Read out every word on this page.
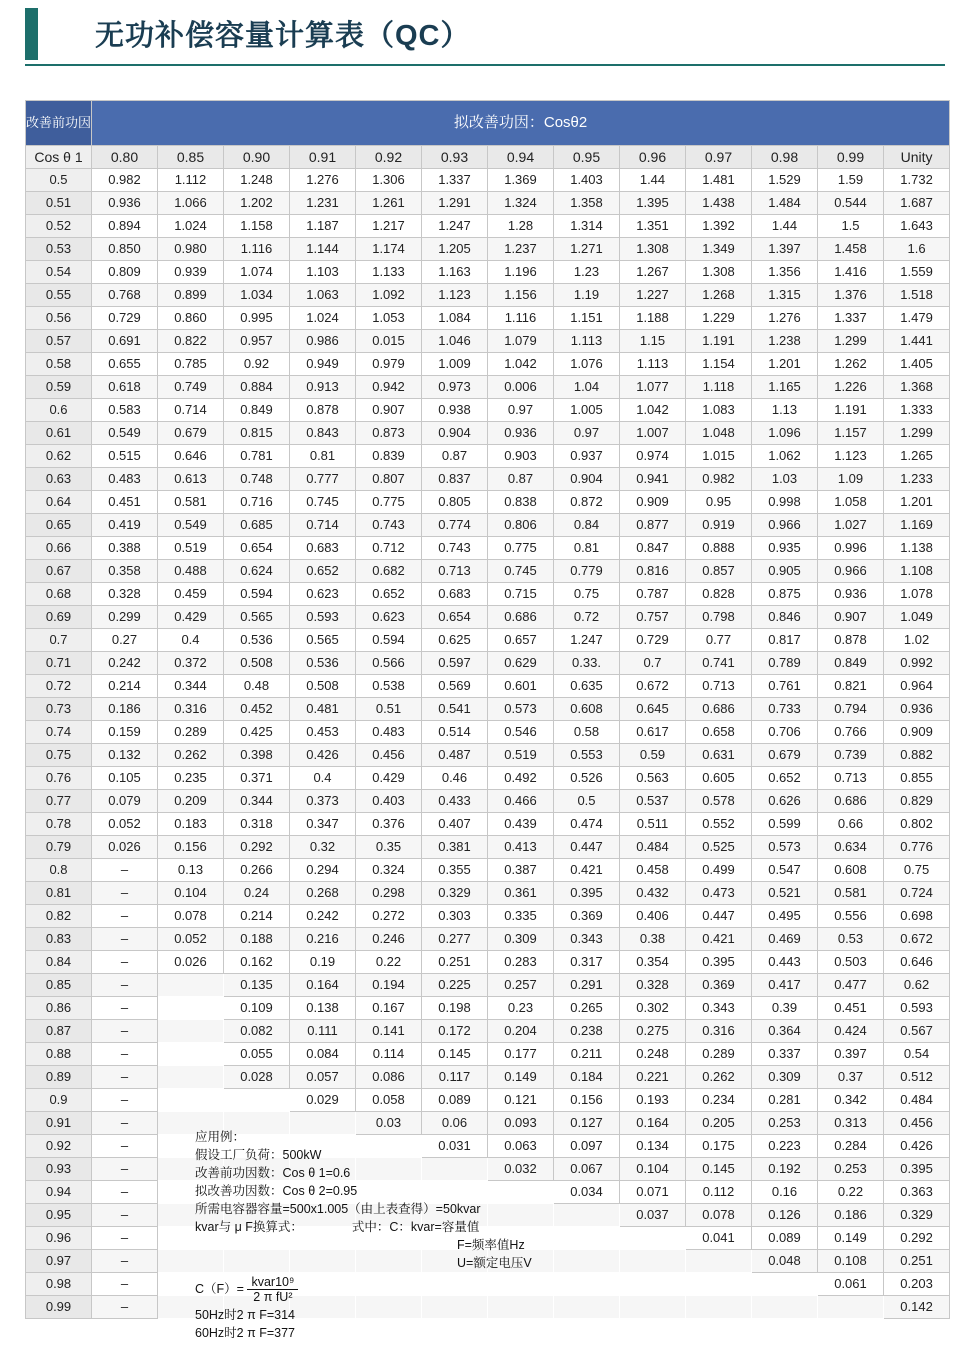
无功补偿容量计算表（QC）
改善前功因	拟改善功因：Cosθ2												
Cos θ 1	0.80	0.85	0.90	0.91	0.92	0.93	0.94	0.95	0.96	0.97	0.98	0.99	Unity
0.5	0.982	1.112	1.248	1.276	1.306	1.337	1.369	1.403	1.44	1.481	1.529	1.59	1.732
0.51	0.936	1.066	1.202	1.231	1.261	1.291	1.324	1.358	1.395	1.438	1.484	0.544	1.687
0.52	0.894	1.024	1.158	1.187	1.217	1.247	1.28	1.314	1.351	1.392	1.44	1.5	1.643
0.53	0.850	0.980	1.116	1.144	1.174	1.205	1.237	1.271	1.308	1.349	1.397	1.458	1.6
0.54	0.809	0.939	1.074	1.103	1.133	1.163	1.196	1.23	1.267	1.308	1.356	1.416	1.559
0.55	0.768	0.899	1.034	1.063	1.092	1.123	1.156	1.19	1.227	1.268	1.315	1.376	1.518
0.56	0.729	0.860	0.995	1.024	1.053	1.084	1.116	1.151	1.188	1.229	1.276	1.337	1.479
0.57	0.691	0.822	0.957	0.986	0.015	1.046	1.079	1.113	1.15	1.191	1.238	1.299	1.441
0.58	0.655	0.785	0.92	0.949	0.979	1.009	1.042	1.076	1.113	1.154	1.201	1.262	1.405
0.59	0.618	0.749	0.884	0.913	0.942	0.973	0.006	1.04	1.077	1.118	1.165	1.226	1.368
0.6	0.583	0.714	0.849	0.878	0.907	0.938	0.97	1.005	1.042	1.083	1.13	1.191	1.333
0.61	0.549	0.679	0.815	0.843	0.873	0.904	0.936	0.97	1.007	1.048	1.096	1.157	1.299
0.62	0.515	0.646	0.781	0.81	0.839	0.87	0.903	0.937	0.974	1.015	1.062	1.123	1.265
0.63	0.483	0.613	0.748	0.777	0.807	0.837	0.87	0.904	0.941	0.982	1.03	1.09	1.233
0.64	0.451	0.581	0.716	0.745	0.775	0.805	0.838	0.872	0.909	0.95	0.998	1.058	1.201
0.65	0.419	0.549	0.685	0.714	0.743	0.774	0.806	0.84	0.877	0.919	0.966	1.027	1.169
0.66	0.388	0.519	0.654	0.683	0.712	0.743	0.775	0.81	0.847	0.888	0.935	0.996	1.138
0.67	0.358	0.488	0.624	0.652	0.682	0.713	0.745	0.779	0.816	0.857	0.905	0.966	1.108
0.68	0.328	0.459	0.594	0.623	0.652	0.683	0.715	0.75	0.787	0.828	0.875	0.936	1.078
0.69	0.299	0.429	0.565	0.593	0.623	0.654	0.686	0.72	0.757	0.798	0.846	0.907	1.049
0.7	0.27	0.4	0.536	0.565	0.594	0.625	0.657	1.247	0.729	0.77	0.817	0.878	1.02
0.71	0.242	0.372	0.508	0.536	0.566	0.597	0.629	0.33.	0.7	0.741	0.789	0.849	0.992
0.72	0.214	0.344	0.48	0.508	0.538	0.569	0.601	0.635	0.672	0.713	0.761	0.821	0.964
0.73	0.186	0.316	0.452	0.481	0.51	0.541	0.573	0.608	0.645	0.686	0.733	0.794	0.936
0.74	0.159	0.289	0.425	0.453	0.483	0.514	0.546	0.58	0.617	0.658	0.706	0.766	0.909
0.75	0.132	0.262	0.398	0.426	0.456	0.487	0.519	0.553	0.59	0.631	0.679	0.739	0.882
0.76	0.105	0.235	0.371	0.4	0.429	0.46	0.492	0.526	0.563	0.605	0.652	0.713	0.855
0.77	0.079	0.209	0.344	0.373	0.403	0.433	0.466	0.5	0.537	0.578	0.626	0.686	0.829
0.78	0.052	0.183	0.318	0.347	0.376	0.407	0.439	0.474	0.511	0.552	0.599	0.66	0.802
0.79	0.026	0.156	0.292	0.32	0.35	0.381	0.413	0.447	0.484	0.525	0.573	0.634	0.776
0.8	–	0.13	0.266	0.294	0.324	0.355	0.387	0.421	0.458	0.499	0.547	0.608	0.75
0.81	–	0.104	0.24	0.268	0.298	0.329	0.361	0.395	0.432	0.473	0.521	0.581	0.724
0.82	–	0.078	0.214	0.242	0.272	0.303	0.335	0.369	0.406	0.447	0.495	0.556	0.698
0.83	–	0.052	0.188	0.216	0.246	0.277	0.309	0.343	0.38	0.421	0.469	0.53	0.672
0.84	–	0.026	0.162	0.19	0.22	0.251	0.283	0.317	0.354	0.395	0.443	0.503	0.646
0.85	–		0.135	0.164	0.194	0.225	0.257	0.291	0.328	0.369	0.417	0.477	0.62
0.86	–		0.109	0.138	0.167	0.198	0.23	0.265	0.302	0.343	0.39	0.451	0.593
0.87	–		0.082	0.111	0.141	0.172	0.204	0.238	0.275	0.316	0.364	0.424	0.567
0.88	–		0.055	0.084	0.114	0.145	0.177	0.211	0.248	0.289	0.337	0.397	0.54
0.89	–		0.028	0.057	0.086	0.117	0.149	0.184	0.221	0.262	0.309	0.37	0.512
0.9	–			0.029	0.058	0.089	0.121	0.156	0.193	0.234	0.281	0.342	0.484
0.91	–				0.03	0.06	0.093	0.127	0.164	0.205	0.253	0.313	0.456
0.92	–					0.031	0.063	0.097	0.134	0.175	0.223	0.284	0.426
0.93	–						0.032	0.067	0.104	0.145	0.192	0.253	0.395
0.94	–							0.034	0.071	0.112	0.16	0.22	0.363
0.95	–								0.037	0.078	0.126	0.186	0.329
0.96	–									0.041	0.089	0.149	0.292
0.97	–										0.048	0.108	0.251
0.98	–											0.061	0.203
0.99	–												0.142
应用例：
假设工厂负荷：500kW
改善前功因数：Cos θ 1=0.6
拟改善功因数：Cos θ 2=0.95
所需电容器容量=500x1.005（由上表查得）=50kvar
kvar与 μ F换算式：	式中：C：kvar=容量值
F=频率值Hz
U=额定电压V
$C(F)= \frac{\text{kvar10⁹}}{\text{2 π fU²}}$
50Hz时2 π F=314
60Hz时2 π F=377
